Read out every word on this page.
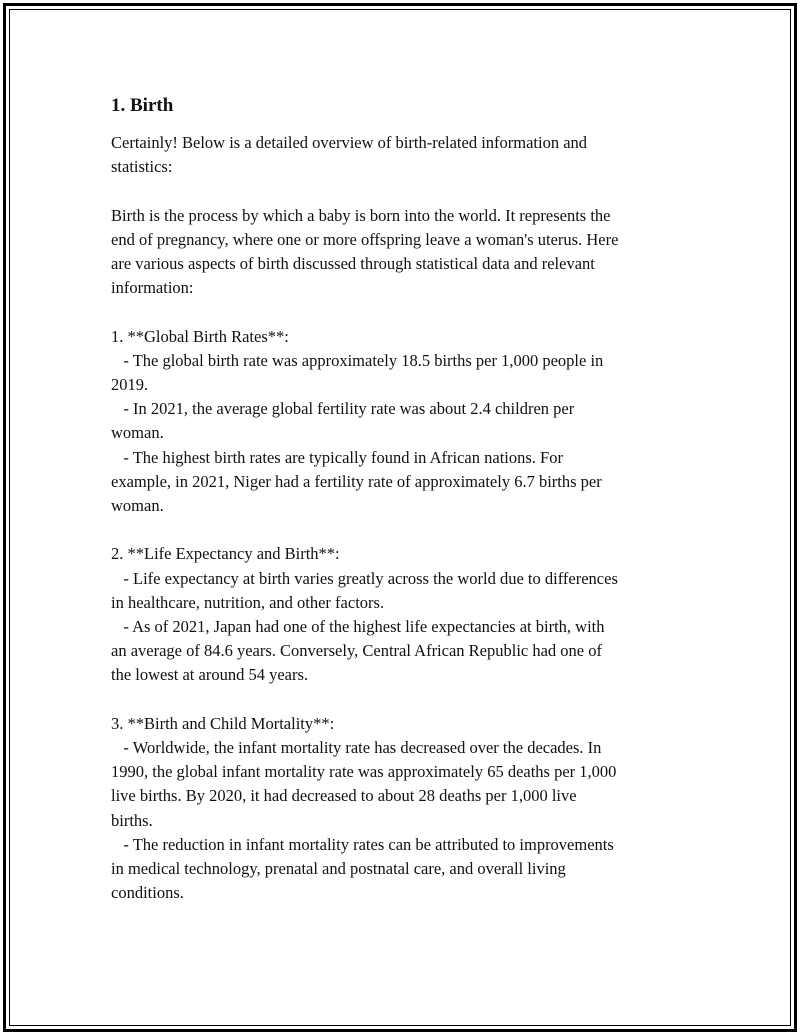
1. Birth

Certainly! Below is a detailed overview of birth-related information and
statistics:

Birth is the process by which a baby is born into the world. It represents the
end of pregnancy, where one or more offspring leave a woman's uterus. Here
are various aspects of birth discussed through statistical data and relevant
information:

1. **Global Birth Rates**:
- The global birth rate was approximately 18.5 births per 1,000 people in
2019.
- In 2021, the average global fertility rate was about 2.4 children per
woman.
- The highest birth rates are typically found in African nations. For
example, in 2021, Niger had a fertility rate of approximately 6.7 births per
woman.

2. **Life Expectancy and Birth**:
- Life expectancy at birth varies greatly across the world due to differences
in healthcare, nutrition, and other factors.
- As of 2021, Japan had one of the highest life expectancies at birth, with
an average of 84.6 years. Conversely, Central African Republic had one of
the lowest at around 54 years.

3. **Birth and Child Mortality**:
- Worldwide, the infant mortality rate has decreased over the decades. In
1990, the global infant mortality rate was approximately 65 deaths per 1,000
live births. By 2020, it had decreased to about 28 deaths per 1,000 live
births.
- The reduction in infant mortality rates can be attributed to improvements
in medical technology, prenatal and postnatal care, and overall living
conditions.
